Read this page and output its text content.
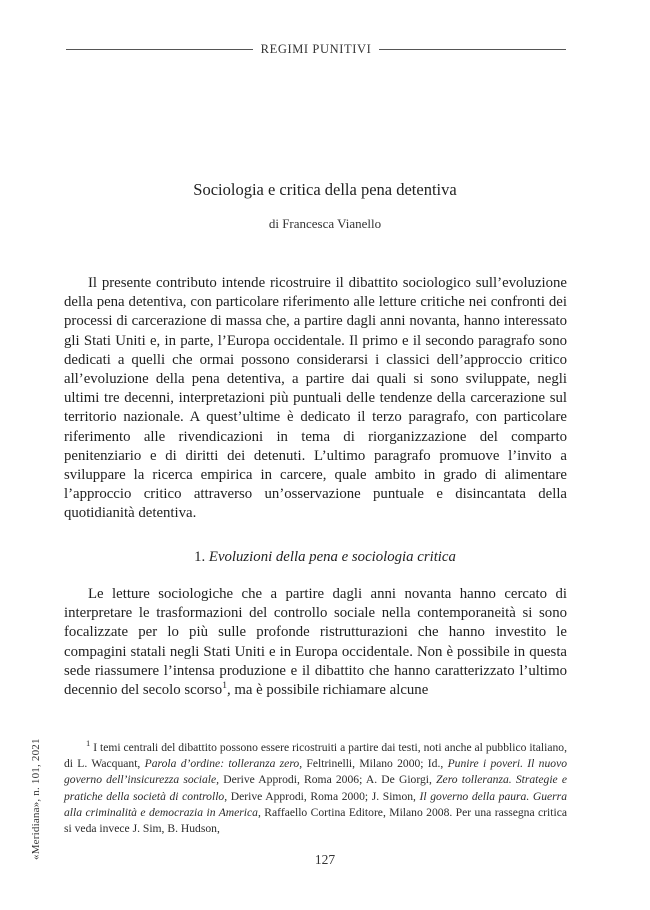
REGIMI PUNITIVI
Sociologia e critica della pena detentiva
di Francesca Vianello

Il presente contributo intende ricostruire il dibattito sociologico sull’evoluzione della pena detentiva, con particolare riferimento alle letture critiche nei confronti dei processi di carcerazione di massa che, a partire dagli anni novanta, hanno interessato gli Stati Uniti e, in parte, l’Europa occidentale. Il primo e il secondo paragrafo sono dedicati a quelli che ormai possono considerarsi i classici dell’approccio critico all’evoluzione della pena detentiva, a partire dai quali si sono sviluppate, negli ultimi tre decenni, interpretazioni più puntuali delle tendenze della carcerazione sul territorio nazionale. A quest’ultime è dedicato il terzo paragrafo, con particolare riferimento alle rivendicazioni in tema di riorganizzazione del comparto penitenziario e di diritti dei detenuti. L’ultimo paragrafo promuove l’invito a sviluppare la ricerca empirica in carcere, quale ambito in grado di alimentare l’approccio critico attraverso un’osservazione puntuale e disincantata della quotidianità detentiva.

1. Evoluzioni della pena e sociologia critica

Le letture sociologiche che a partire dagli anni novanta hanno cercato di interpretare le trasformazioni del controllo sociale nella contemporaneità si sono focalizzate per lo più sulle profonde ristrutturazioni che hanno investito le compagini statali negli Stati Uniti e in Europa occidentale. Non è possibile in questa sede riassumere l’intensa produzione e il dibattito che hanno caratterizzato l’ultimo decennio del secolo scorso$^1$, ma è possibile richiamare alcune

$^1$ I temi centrali del dibattito possono essere ricostruiti a partire dai testi, noti anche al pubblico italiano, di L. Wacquant, Parola d’ordine: tolleranza zero, Feltrinelli, Milano 2000; Id., Punire i poveri. Il nuovo governo dell’insicurezza sociale, Derive Approdi, Roma 2006; A. De Giorgi, Zero tolleranza. Strategie e pratiche della società di controllo, Derive Approdi, Roma 2000; J. Simon, Il governo della paura. Guerra alla criminalità e democrazia in America, Raffaello Cortina Editore, Milano 2008. Per una rassegna critica si veda invece J. Sim, B. Hudson,

127
«Meridiana», n. 101, 2021
